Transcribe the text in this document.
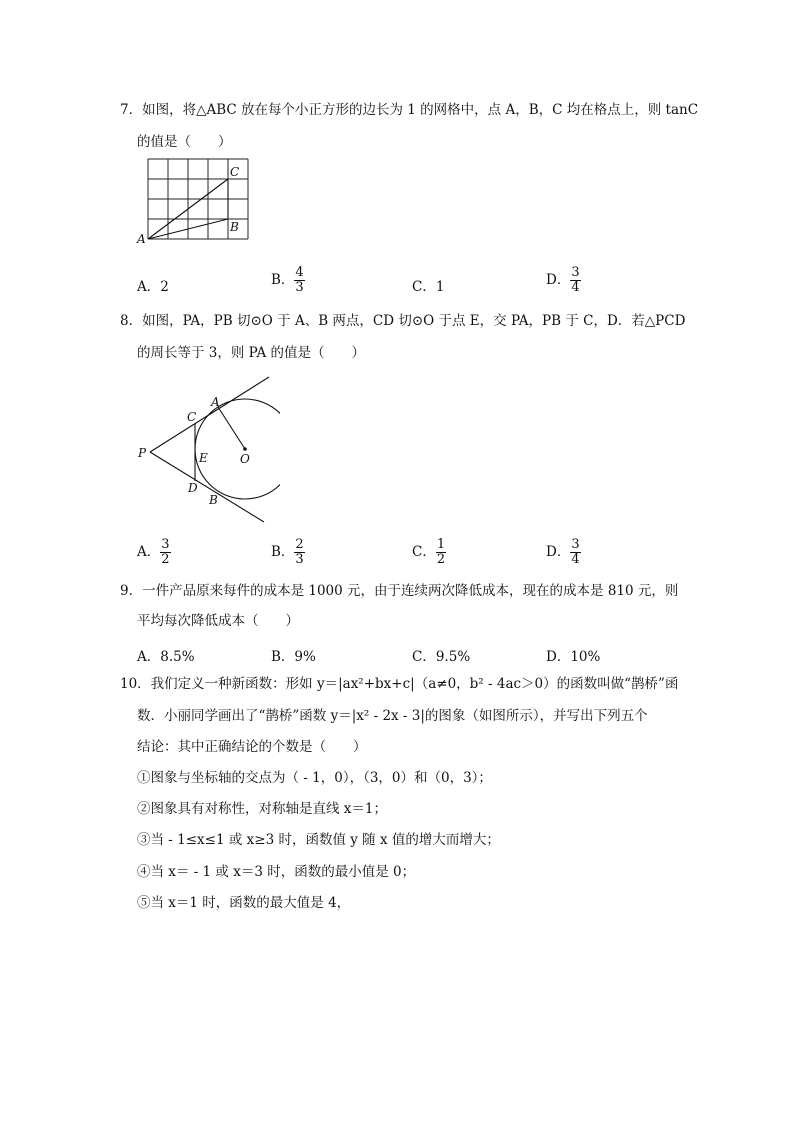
7．如图，将△ABC 放在每个小正方形的边长为 1 的网格中，点 A，B，C 均在格点上，则 tanC
的值是（　　）
A
C
B
A．2	B． $\frac{4}{3}$	C．1	D． $\frac{3}{4}$
8．如图，PA，PB 切⊙O 于 A、B 两点，CD 切⊙O 于点 E，交 PA，PB 于 C，D．若△PCD
的周长等于 3，则 PA 的值是（　　）
P
C
A
E	O
D
B
A． $\frac{3}{2}$	B． $\frac{2}{3}$	C． $\frac{1}{2}$	D． $\frac{3}{4}$
9．一件产品原来每件的成本是 1000 元，由于连续两次降低成本，现在的成本是 810 元，则
平均每次降低成本（　　）
A．8.5%	B．9%	C．9.5%	D．10%
10．我们定义一种新函数：形如 y＝|ax²+bx+c|（a≠0，b² - 4ac＞0）的函数叫做“鹊桥”函
数．小丽同学画出了“鹊桥”函数 y＝|x² - 2x - 3|的图象（如图所示），并写出下列五个
结论：其中正确结论的个数是（　　）
①图象与坐标轴的交点为（ - 1，0），（3，0）和（0，3）；
②图象具有对称性，对称轴是直线 x＝1；
③当 - 1≤x≤1 或 x≥3 时，函数值 y 随 x 值的增大而增大；
④当 x＝ - 1 或 x＝3 时，函数的最小值是 0；
⑤当 x＝1 时，函数的最大值是 4，
